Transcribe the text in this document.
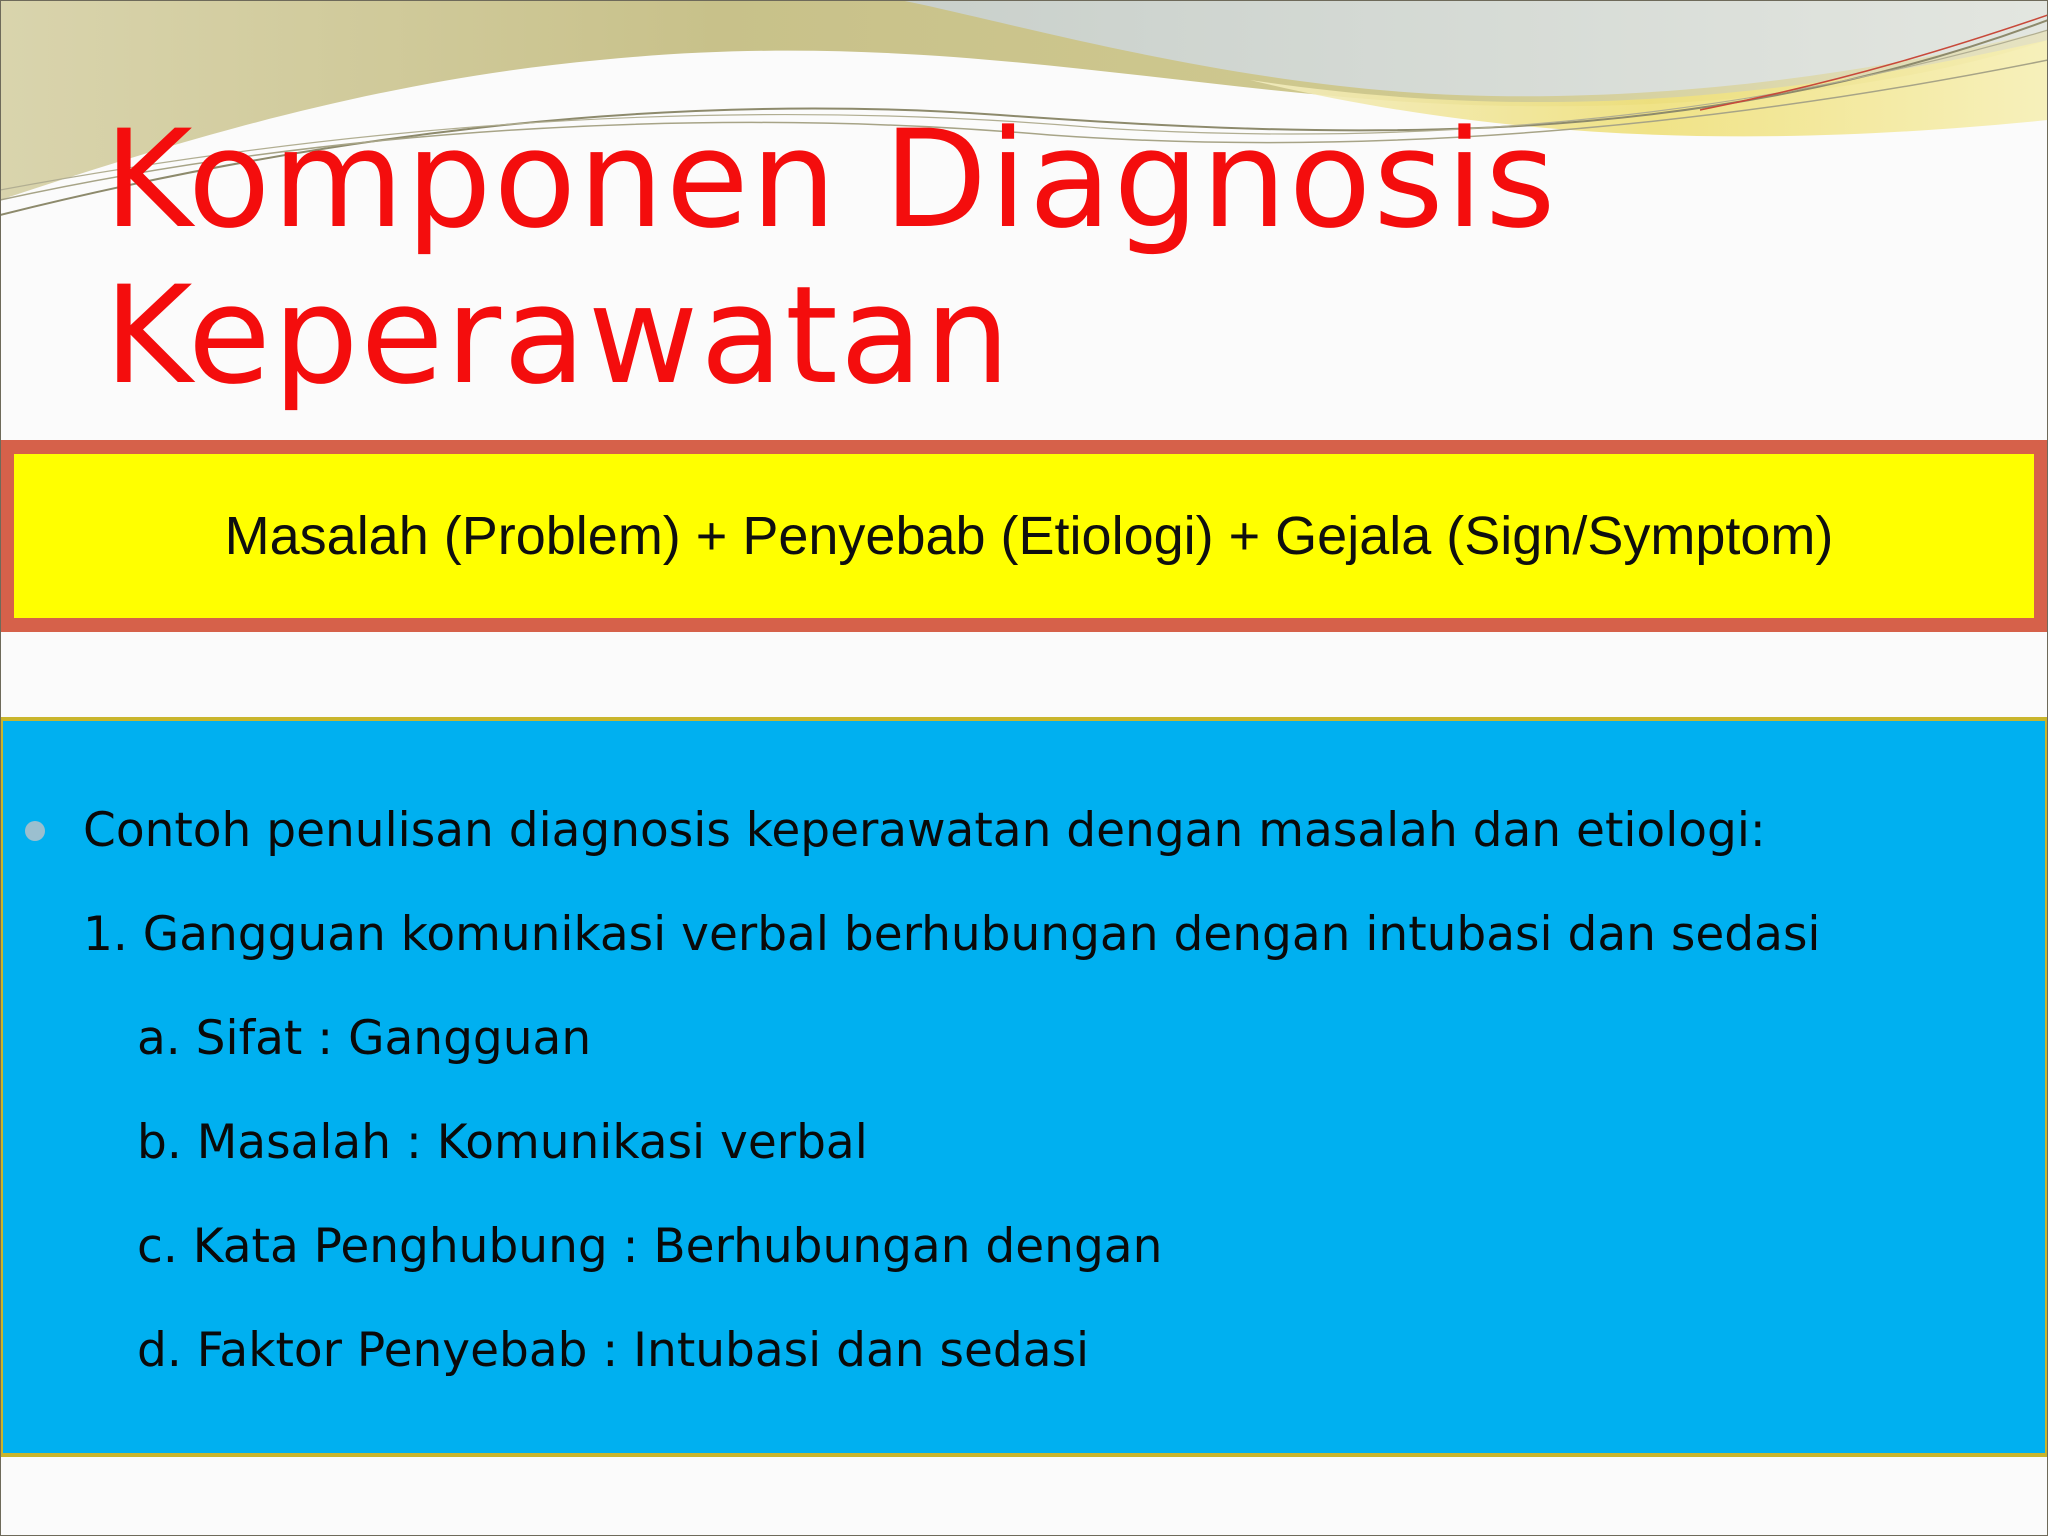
Komponen Diagnosis
Keperawatan
Masalah (Problem) + Penyebab (Etiologi) + Gejala (Sign/Symptom)
Contoh penulisan diagnosis keperawatan dengan masalah dan etiologi:
1. Gangguan komunikasi verbal berhubungan dengan intubasi dan sedasi
a. Sifat : Gangguan
b. Masalah : Komunikasi verbal
c. Kata Penghubung : Berhubungan dengan
d. Faktor Penyebab : Intubasi dan sedasi
